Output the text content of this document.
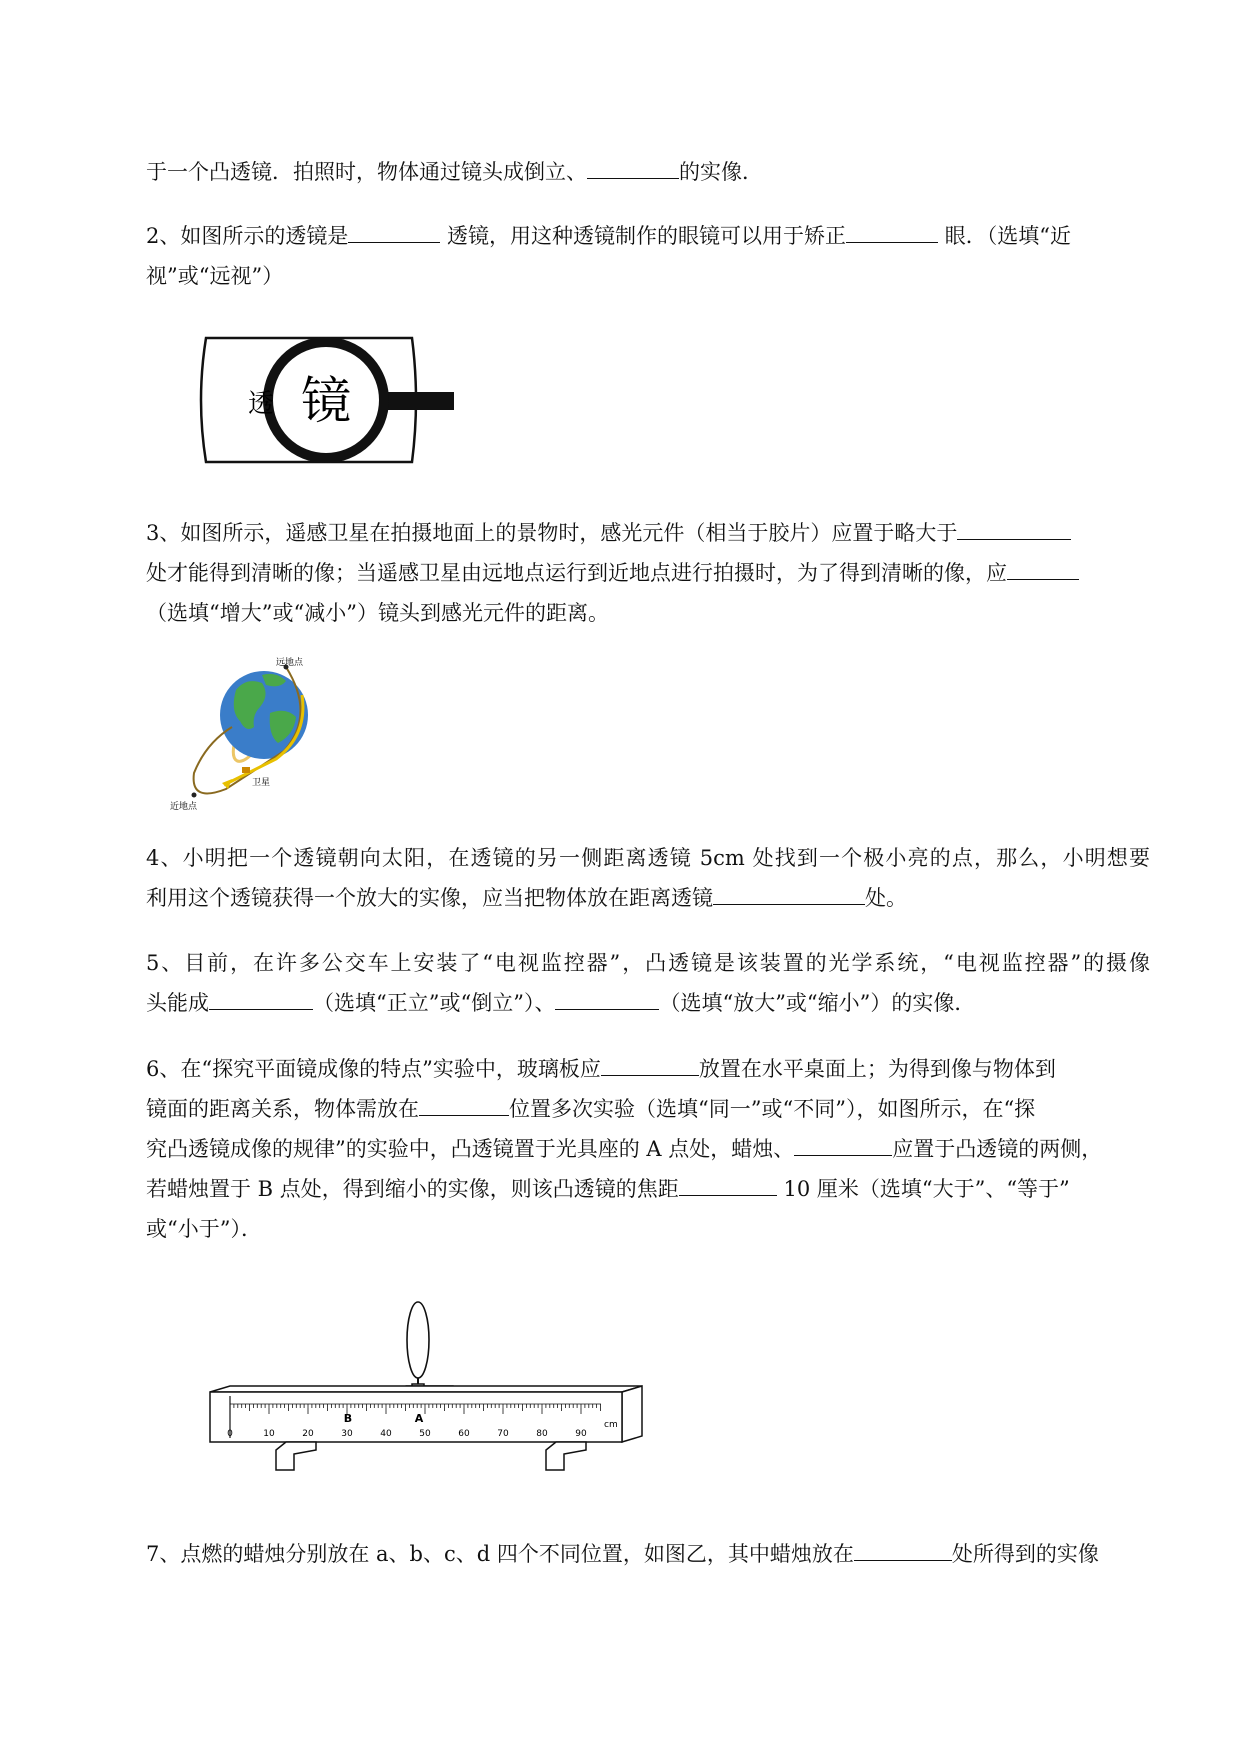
于一个凸透镜．拍照时，物体通过镜头成倒立、	的实像．
2、如图所示的透镜是	透镜，用这种透镜制作的眼镜可以用于矫正	眼．（选填“近
视”或“远视”）
透 镜
3、如图所示，遥感卫星在拍摄地面上的景物时，感光元件（相当于胶片）应置于略大于
处才能得到清晰的像；当遥感卫星由远地点运行到近地点进行拍摄时，为了得到清晰的像，应
（选填“增大”或“减小”）镜头到感光元件的距离。
远地点
近地点
卫星
4、小明把一个透镜朝向太阳，在透镜的另一侧距离透镜 5cm 处找到一个极小亮的点，那么，小明想要
利用这个透镜获得一个放大的实像，应当把物体放在距离透镜	处。
5、目前，在许多公交车上安装了“电视监控器”，凸透镜是该装置的光学系统，“电视监控器”的摄像
头能成	（选填“正立”或“倒立”）、	（选填“放大”或“缩小”）的实像．
6、在“探究平面镜成像的特点”实验中，玻璃板应	放置在水平桌面上；为得到像与物体到
镜面的距离关系，物体需放在	位置多次实验（选填“同一”或“不同”），如图所示，在“探
究凸透镜成像的规律”的实验中，凸透镜置于光具座的 A 点处，蜡烛、	应置于凸透镜的两侧，
若蜡烛置于 B 点处，得到缩小的实像，则该凸透镜的焦距	10 厘米（选填“大于”、“等于”
或“小于”）．
0	10	20	30	40	50	60	70	80	90
cm
B	A
7、点燃的蜡烛分别放在 a、b、c、d 四个不同位置，如图乙，其中蜡烛放在	处所得到的实像
